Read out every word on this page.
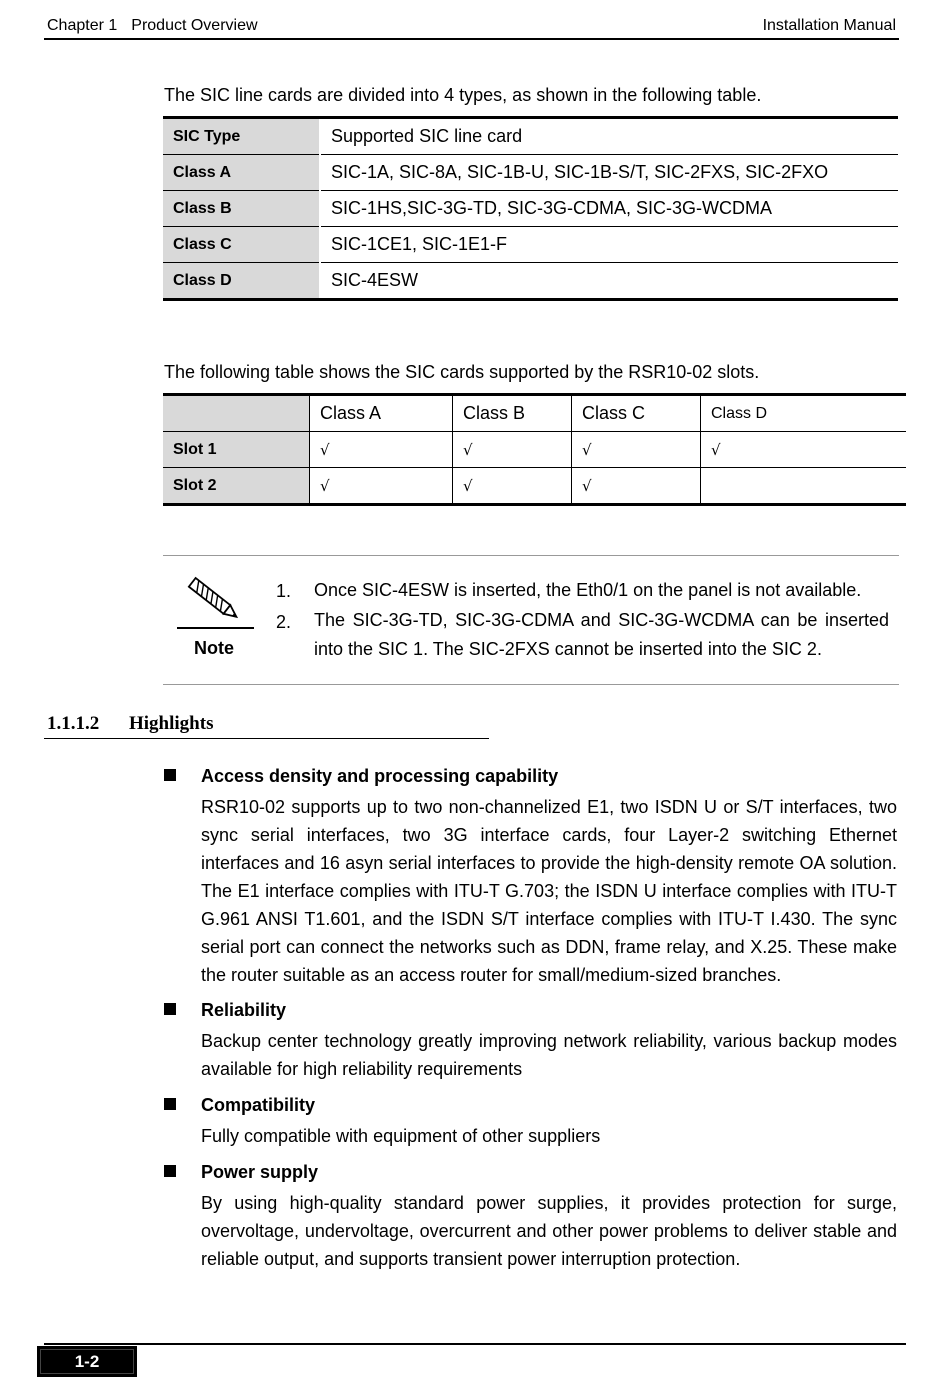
Chapter 1 Product Overview	Installation Manual
The SIC line cards are divided into 4 types, as shown in the following table.
SIC Type	Supported SIC line card
Class A	SIC-1A, SIC-8A, SIC-1B-U, SIC-1B-S/T, SIC-2FXS, SIC-2FXO
Class B	SIC-1HS,SIC-3G-TD, SIC-3G-CDMA, SIC-3G-WCDMA
Class C	SIC-1CE1, SIC-1E1-F
Class D	SIC-4ESW
The following table shows the SIC cards supported by the RSR10-02 slots.
	Class A	Class B	Class C	Class D
Slot 1	√	√	√	√
Slot 2	√	√	√	
Note
1. Once SIC-4ESW is inserted, the Eth0/1 on the panel is not available.
2. The SIC-3G-TD, SIC-3G-CDMA and SIC-3G-WCDMA can be inserted into the SIC 1. The SIC-2FXS cannot be inserted into the SIC 2.
1.1.1.2 Highlights
Access density and processing capability
RSR10-02 supports up to two non-channelized E1, two ISDN U or S/T interfaces, two sync serial interfaces, two 3G interface cards, four Layer-2 switching Ethernet interfaces and 16 asyn serial interfaces to provide the high-density remote OA solution. The E1 interface complies with ITU-T G.703; the ISDN U interface complies with ITU-T G.961 ANSI T1.601, and the ISDN S/T interface complies with ITU-T I.430. The sync serial port can connect the networks such as DDN, frame relay, and X.25. These make the router suitable as an access router for small/medium-sized branches.
Reliability
Backup center technology greatly improving network reliability, various backup modes available for high reliability requirements
Compatibility
Fully compatible with equipment of other suppliers
Power supply
By using high-quality standard power supplies, it provides protection for surge, overvoltage, undervoltage, overcurrent and other power problems to deliver stable and reliable output, and supports transient power interruption protection.
1-2
